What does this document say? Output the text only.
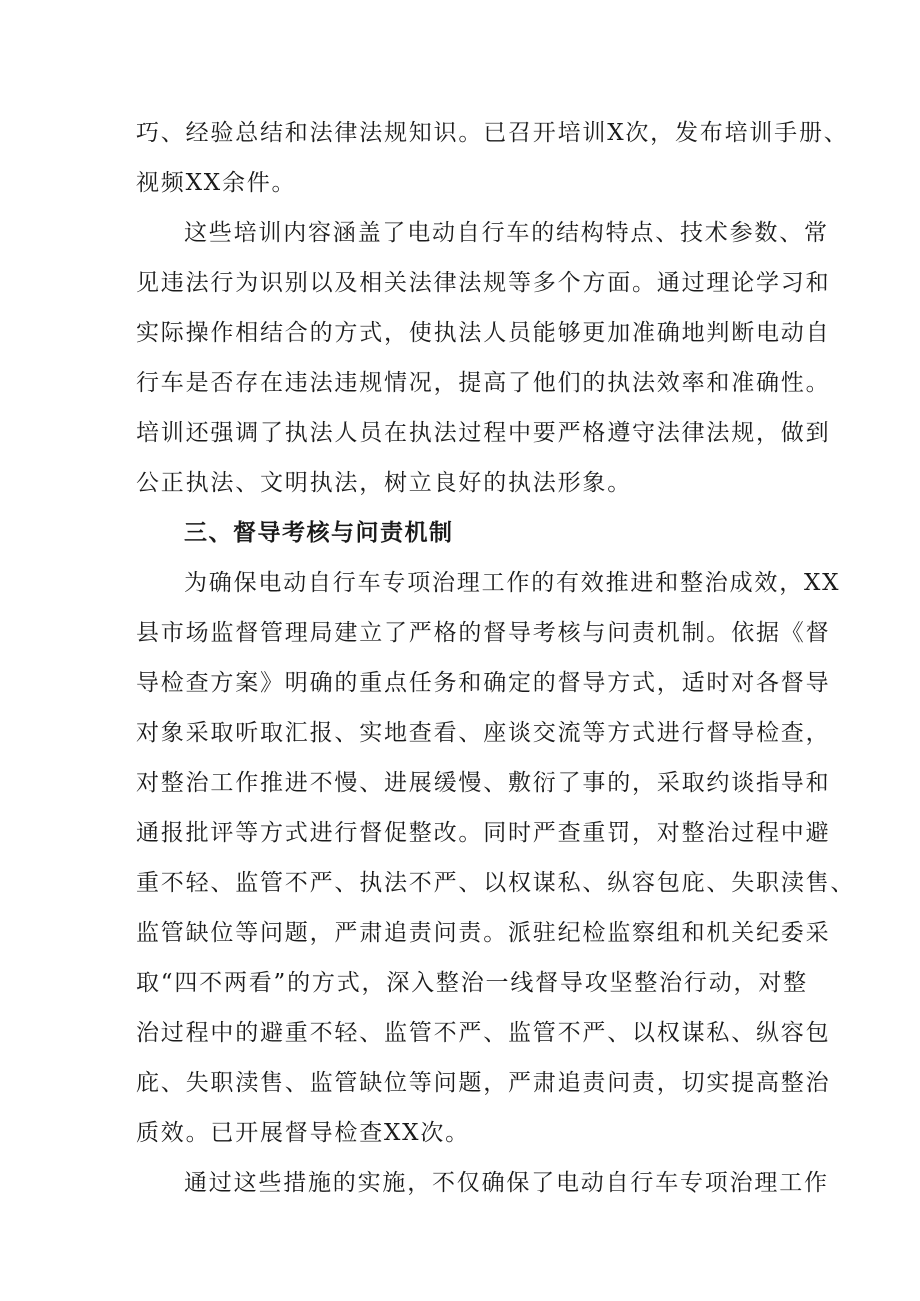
巧、经验总结和法律法规知识。已召开培训X次，发布培训手册、
视频XX余件。

这些培训内容涵盖了电动自行车的结构特点、技术参数、常
见违法行为识别以及相关法律法规等多个方面。通过理论学习和
实际操作相结合的方式，使执法人员能够更加准确地判断电动自
行车是否存在违法违规情况，提高了他们的执法效率和准确性。
培训还强调了执法人员在执法过程中要严格遵守法律法规，做到
公正执法、文明执法，树立良好的执法形象。

三、督导考核与问责机制

为确保电动自行车专项治理工作的有效推进和整治成效，XX
县市场监督管理局建立了严格的督导考核与问责机制。依据《督
导检查方案》明确的重点任务和确定的督导方式，适时对各督导
对象采取听取汇报、实地查看、座谈交流等方式进行督导检查，
对整治工作推进不慢、进展缓慢、敷衍了事的，采取约谈指导和
通报批评等方式进行督促整改。同时严查重罚，对整治过程中避
重不轻、监管不严、执法不严、以权谋私、纵容包庇、失职渎售、
监管缺位等问题，严肃追责问责。派驻纪检监察组和机关纪委采
取“四不两看”的方式，深入整治一线督导攻坚整治行动，对整
治过程中的避重不轻、监管不严、监管不严、以权谋私、纵容包
庇、失职渎售、监管缺位等问题，严肃追责问责，切实提高整治
质效。已开展督导检查XX次。

通过这些措施的实施，不仅确保了电动自行车专项治理工作
